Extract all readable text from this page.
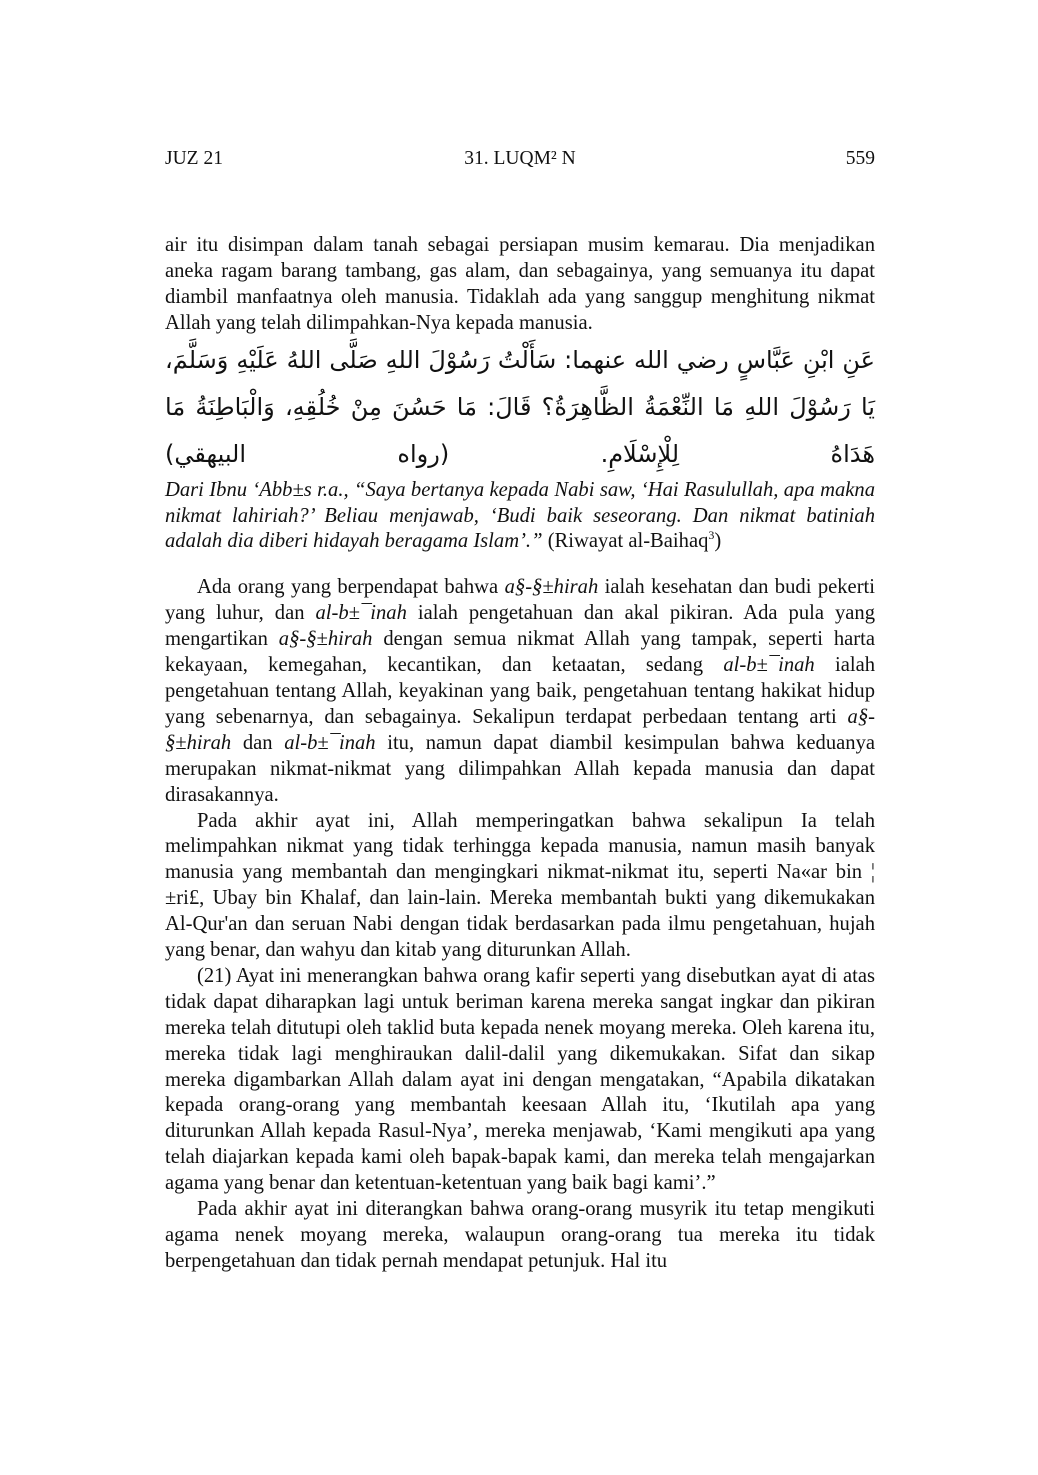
JUZ 21	31. LUQM² N	559

air itu disimpan dalam tanah sebagai persiapan musim kemarau. Dia menjadikan aneka ragam barang tambang, gas alam, dan sebagainya, yang semuanya itu dapat diambil manfaatnya oleh manusia. Tidaklah ada yang sanggup menghitung nikmat Allah yang telah dilimpahkan-Nya kepada manusia.

عَنِ ابْنِ عَبَّاسٍ رضي الله عنهما: سَأَلْتُ رَسُوْلَ اللهِ صَلَّى اللهُ عَلَيْهِ وَسَلَّمَ، يَا رَسُوْلَ اللهِ مَا النِّعْمَةُ الظَّاهِرَةُ؟ قَالَ: مَا حَسُنَ مِنْ خُلُقِهِ، وَالْبَاطِنَةُ مَا هَدَاهُ لِلْإِسْلَامِ. (رواه البيهقي)

Dari Ibnu ‘Abb±s r.a., “Saya bertanya kepada Nabi saw, ‘Hai Rasulullah, apa makna nikmat lahiriah?’ Beliau menjawab, ‘Budi baik seseorang. Dan nikmat batiniah adalah dia diberi hidayah beragama Islam’.” (Riwayat al-Baihaq$^3$)

Ada orang yang berpendapat bahwa a§-§±hirah ialah kesehatan dan budi pekerti yang luhur, dan al-b±¯inah ialah pengetahuan dan akal pikiran. Ada pula yang mengartikan a§-§±hirah dengan semua nikmat Allah yang tampak, seperti harta kekayaan, kemegahan, kecantikan, dan ketaatan, sedang al-b±¯inah ialah pengetahuan tentang Allah, keyakinan yang baik, pengetahuan tentang hakikat hidup yang sebenarnya, dan sebagainya. Sekalipun terdapat perbedaan tentang arti a§-§±hirah dan al-b±¯inah itu, namun dapat diambil kesimpulan bahwa keduanya merupakan nikmat-nikmat yang dilimpahkan Allah kepada manusia dan dapat dirasakannya.

Pada akhir ayat ini, Allah memperingatkan bahwa sekalipun Ia telah melimpahkan nikmat yang tidak terhingga kepada manusia, namun masih banyak manusia yang membantah dan mengingkari nikmat-nikmat itu, seperti Na«ar bin ¦ ±ri£, Ubay bin Khalaf, dan lain-lain. Mereka membantah bukti yang dikemukakan Al-Qur'an dan seruan Nabi dengan tidak berdasarkan pada ilmu pengetahuan, hujah yang benar, dan wahyu dan kitab yang diturunkan Allah.

(21) Ayat ini menerangkan bahwa orang kafir seperti yang disebutkan ayat di atas tidak dapat diharapkan lagi untuk beriman karena mereka sangat ingkar dan pikiran mereka telah ditutupi oleh taklid buta kepada nenek moyang mereka. Oleh karena itu, mereka tidak lagi menghiraukan dalil-dalil yang dikemukakan. Sifat dan sikap mereka digambarkan Allah dalam ayat ini dengan mengatakan, “Apabila dikatakan kepada orang-orang yang membantah keesaan Allah itu, ‘Ikutilah apa yang diturunkan Allah kepada Rasul-Nya’, mereka menjawab, ‘Kami mengikuti apa yang telah diajarkan kepada kami oleh bapak-bapak kami, dan mereka telah mengajarkan agama yang benar dan ketentuan-ketentuan yang baik bagi kami’.”

Pada akhir ayat ini diterangkan bahwa orang-orang musyrik itu tetap mengikuti agama nenek moyang mereka, walaupun orang-orang tua mereka itu tidak berpengetahuan dan tidak pernah mendapat petunjuk. Hal itu
